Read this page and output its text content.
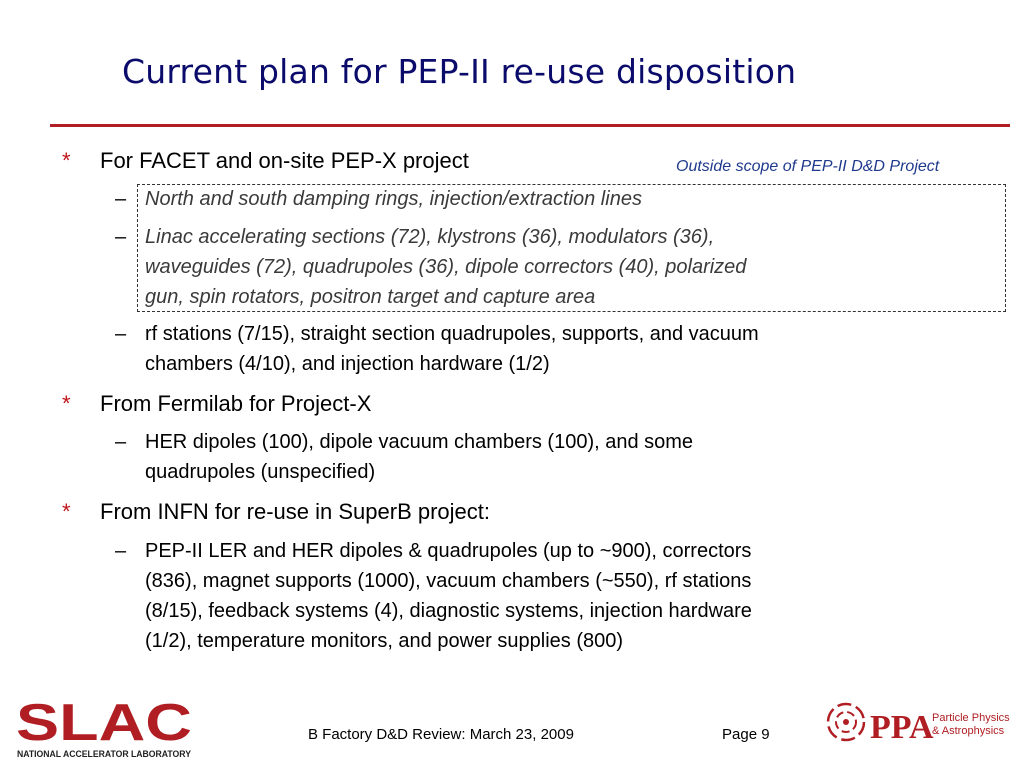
Current plan for PEP-II re-use disposition
Outside scope of PEP-II D&D Project
* For FACET and on-site PEP-X project
– North and south damping rings, injection/extraction lines
– Linac accelerating sections (72), klystrons (36), modulators (36),
waveguides (72), quadrupoles (36), dipole correctors (40), polarized
gun, spin rotators, positron target and capture area
– rf stations (7/15), straight section quadrupoles, supports, and vacuum
chambers (4/10), and injection hardware (1/2)
* From Fermilab for Project-X
– HER dipoles (100), dipole vacuum chambers (100), and some
quadrupoles (unspecified)
* From INFN for re-use in SuperB project:
– PEP-II LER and HER dipoles & quadrupoles (up to ~900), correctors
(836), magnet supports (1000), vacuum chambers (~550), rf stations
(8/15), feedback systems (4), diagnostic systems, injection hardware
(1/2), temperature monitors, and power supplies (800)
SLAC
NATIONAL ACCELERATOR LABORATORY
B Factory D&D Review: March 23, 2009	Page 9	PPA
Particle Physics
& Astrophysics
